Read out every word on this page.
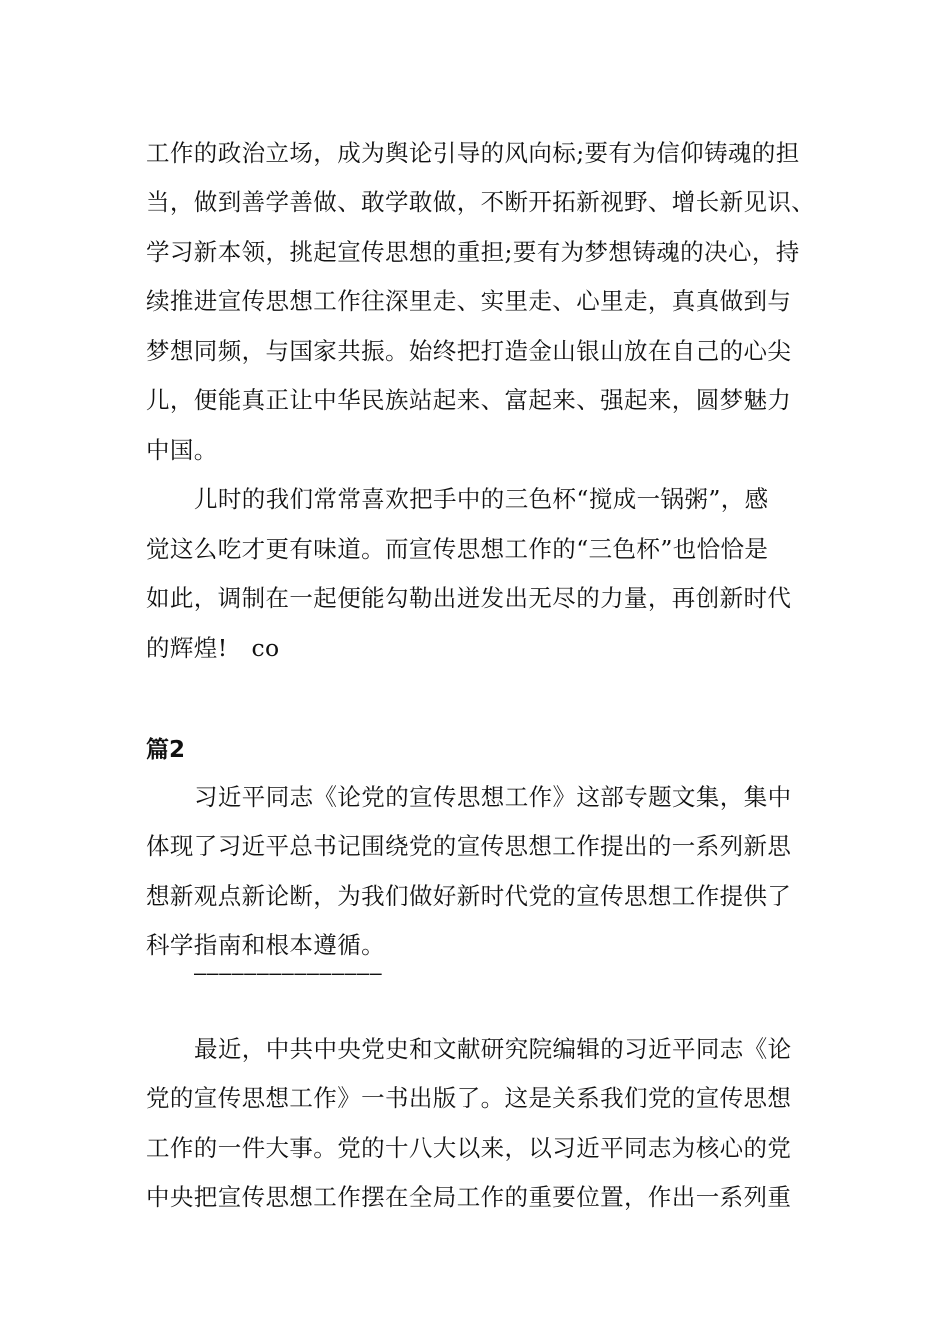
工作的政治立场，成为舆论引导的风向标;要有为信仰铸魂的担
当，做到善学善做、敢学敢做，不断开拓新视野、增长新见识、
学习新本领，挑起宣传思想的重担;要有为梦想铸魂的决心，持
续推进宣传思想工作往深里走、实里走、心里走，真真做到与
梦想同频，与国家共振。始终把打造金山银山放在自己的心尖
儿，便能真正让中华民族站起来、富起来、强起来，圆梦魅力
中国。
儿时的我们常常喜欢把手中的三色杯“搅成一锅粥”，感
觉这么吃才更有味道。而宣传思想工作的“三色杯”也恰恰是
如此，调制在一起便能勾勒出迸发出无尽的力量，再创新时代
的辉煌!　co
篇2
习近平同志《论党的宣传思想工作》这部专题文集，集中
体现了习近平总书记围绕党的宣传思想工作提出的一系列新思
想新观点新论断，为我们做好新时代党的宣传思想工作提供了
科学指南和根本遵循。
———————————————
最近，中共中央党史和文献研究院编辑的习近平同志《论
党的宣传思想工作》一书出版了。这是关系我们党的宣传思想
工作的一件大事。党的十八大以来，以习近平同志为核心的党
中央把宣传思想工作摆在全局工作的重要位置，作出一系列重
